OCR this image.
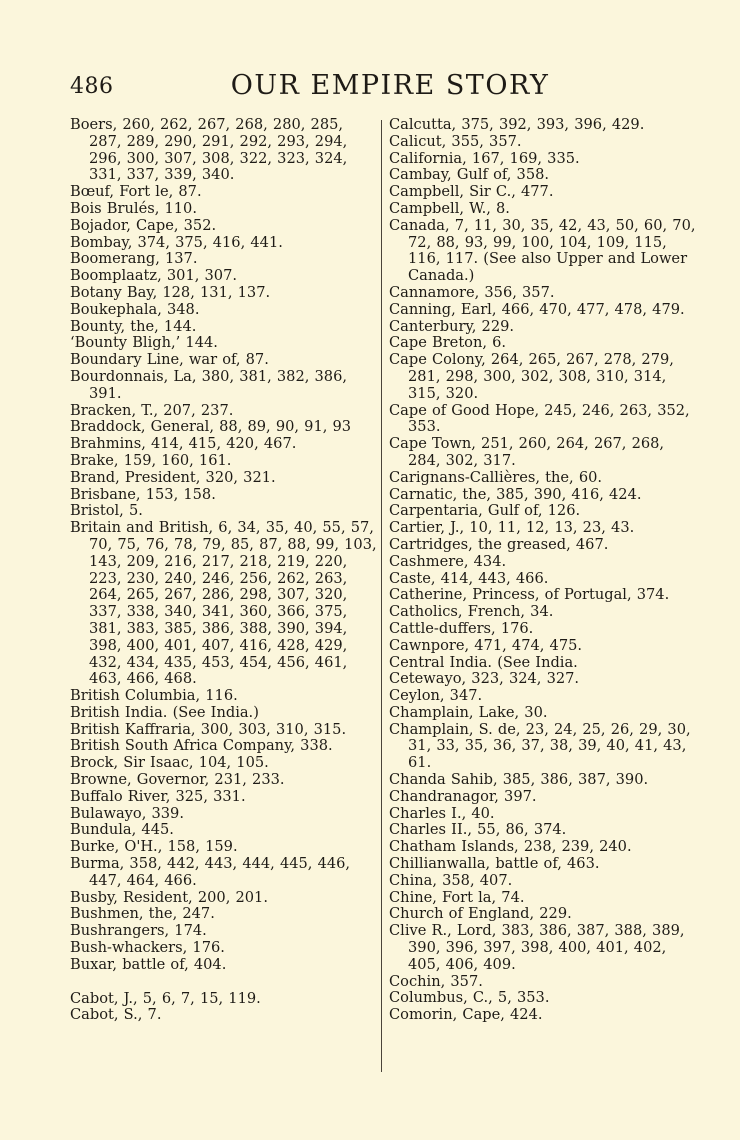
486	OUR EMPIRE STORY

Boers, 260, 262, 267, 268, 280, 285, 287, 289, 290, 291, 292, 293, 294, 296, 300, 307, 308, 322, 323, 324, 331, 337, 339, 340.

Bœuf, Fort le, 87.

Bois Brulés, 110.

Bojador, Cape, 352.

Bombay, 374, 375, 416, 441.

Boomerang, 137.

Boomplaatz, 301, 307.

Botany Bay, 128, 131, 137.

Boukephala, 348.

Bounty, the, 144.

‘Bounty Bligh,’ 144.

Boundary Line, war of, 87.

Bourdonnais, La, 380, 381, 382, 386, 391.

Bracken, T., 207, 237.

Braddock, General, 88, 89, 90, 91, 93

Brahmins, 414, 415, 420, 467.

Brake, 159, 160, 161.

Brand, President, 320, 321.

Brisbane, 153, 158.

Bristol, 5.

Britain and British, 6, 34, 35, 40, 55, 57, 70, 75, 76, 78, 79, 85, 87, 88, 99, 103, 143, 209, 216, 217, 218, 219, 220, 223, 230, 240, 246, 256, 262, 263, 264, 265, 267, 286, 298, 307, 320, 337, 338, 340, 341, 360, 366, 375, 381, 383, 385, 386, 388, 390, 394, 398, 400, 401, 407, 416, 428, 429, 432, 434, 435, 453, 454, 456, 461, 463, 466, 468.

British Columbia, 116.

British India. (See India.)

British Kaffraria, 300, 303, 310, 315.

British South Africa Company, 338.

Brock, Sir Isaac, 104, 105.

Browne, Governor, 231, 233.

Buffalo River, 325, 331.

Bulawayo, 339.

Bundula, 445.

Burke, O'H., 158, 159.

Burma, 358, 442, 443, 444, 445, 446, 447, 464, 466.

Busby, Resident, 200, 201.

Bushmen, the, 247.

Bushrangers, 174.

Bush-whackers, 176.

Buxar, battle of, 404.

Cabot, J., 5, 6, 7, 15, 119.

Cabot, S., 7.

Calcutta, 375, 392, 393, 396, 429.

Calicut, 355, 357.

California, 167, 169, 335.

Cambay, Gulf of, 358.

Campbell, Sir C., 477.

Campbell, W., 8.

Canada, 7, 11, 30, 35, 42, 43, 50, 60, 70, 72, 88, 93, 99, 100, 104, 109, 115, 116, 117. (See also Upper and Lower Canada.)

Cannamore, 356, 357.

Canning, Earl, 466, 470, 477, 478, 479.

Canterbury, 229.

Cape Breton, 6.

Cape Colony, 264, 265, 267, 278, 279, 281, 298, 300, 302, 308, 310, 314, 315, 320.

Cape of Good Hope, 245, 246, 263, 352, 353.

Cape Town, 251, 260, 264, 267, 268, 284, 302, 317.

Carignans-Callières, the, 60.

Carnatic, the, 385, 390, 416, 424.

Carpentaria, Gulf of, 126.

Cartier, J., 10, 11, 12, 13, 23, 43.

Cartridges, the greased, 467.

Cashmere, 434.

Caste, 414, 443, 466.

Catherine, Princess, of Portugal, 374.

Catholics, French, 34.

Cattle-duffers, 176.

Cawnpore, 471, 474, 475.

Central India. (See India.

Cetewayo, 323, 324, 327.

Ceylon, 347.

Champlain, Lake, 30.

Champlain, S. de, 23, 24, 25, 26, 29, 30, 31, 33, 35, 36, 37, 38, 39, 40, 41, 43, 61.

Chanda Sahib, 385, 386, 387, 390.

Chandranagor, 397.

Charles I., 40.

Charles II., 55, 86, 374.

Chatham Islands, 238, 239, 240.

Chillianwalla, battle of, 463.

China, 358, 407.

Chine, Fort la, 74.

Church of England, 229.

Clive R., Lord, 383, 386, 387, 388, 389, 390, 396, 397, 398, 400, 401, 402, 405, 406, 409.

Cochin, 357.

Columbus, C., 5, 353.

Comorin, Cape, 424.
